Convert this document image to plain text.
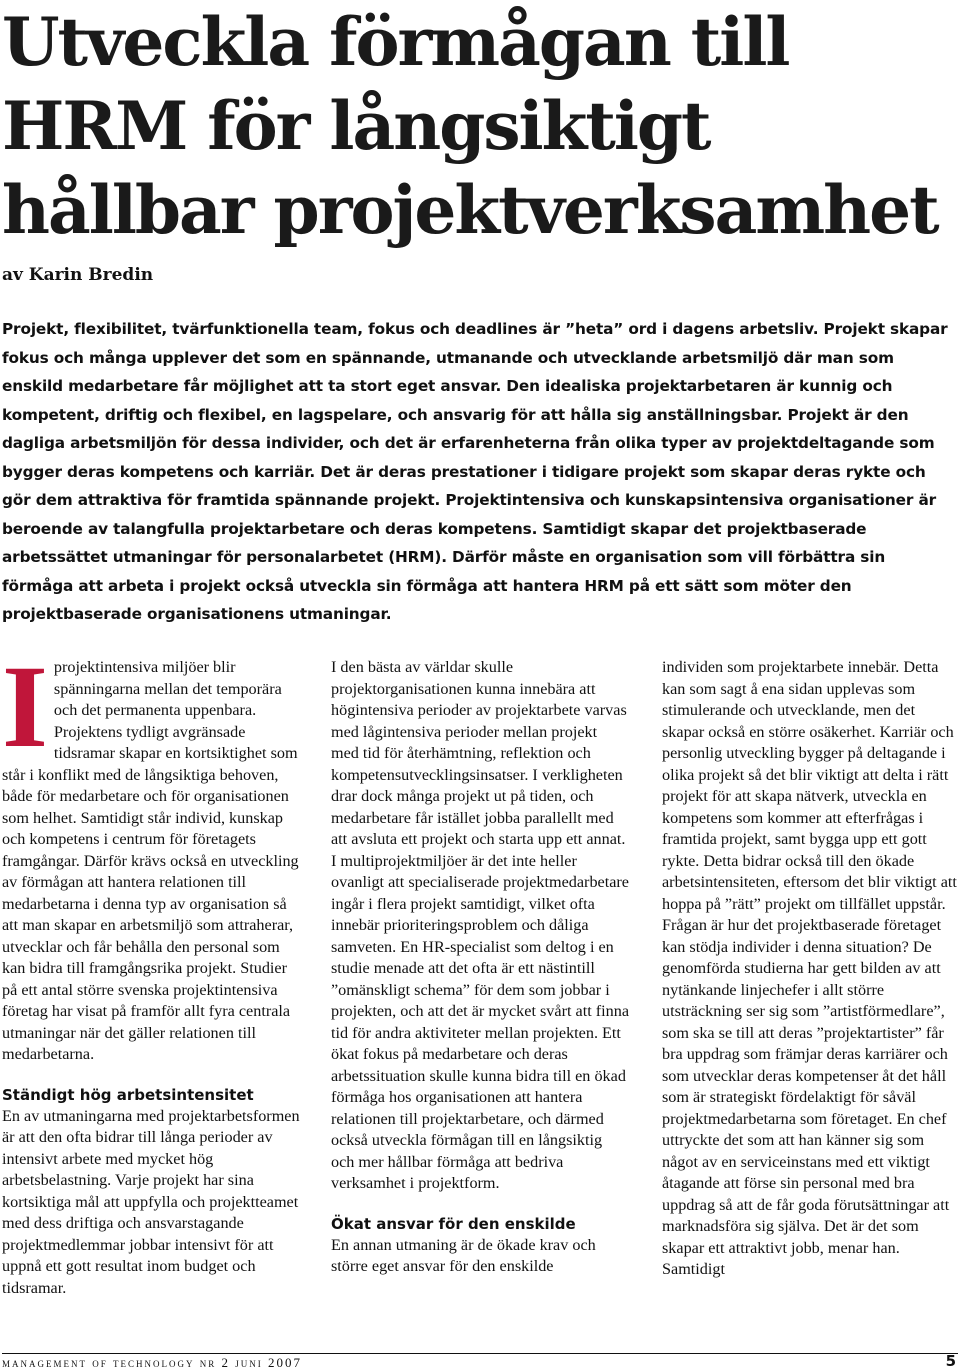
Utveckla förmågan till HRM för långsiktigt hållbar projektverksamhet
av Karin Bredin

Projekt, flexibilitet, tvärfunktionella team, fokus och deadlines är ”heta” ord i dagens arbetsliv. Projekt skapar fokus och många upplever det som en spännande, utmanande och utvecklande arbetsmiljö där man som enskild medarbetare får möjlighet att ta stort eget ansvar. Den idealiska projektarbetaren är kunnig och kompetent, driftig och flexibel, en lagspelare, och ansvarig för att hålla sig anställningsbar. Projekt är den dagliga arbetsmiljön för dessa individer, och det är erfarenheterna från olika typer av projektdeltagande som bygger deras kompetens och karriär. Det är deras prestationer i tidigare projekt som skapar deras rykte och gör dem attraktiva för framtida spännande projekt. Projektintensiva och kunskapsintensiva organisationer är beroende av talangfulla projektarbetare och deras kompetens. Samtidigt skapar det projektbaserade arbetssättet utmaningar för personalarbetet (HRM). Därför måste en organisation som vill förbättra sin förmåga att arbeta i projekt också utveckla sin förmåga att hantera HRM på ett sätt som möter den projektbaserade organisationens utmaningar.

I projektintensiva miljöer blir spänningarna mellan det temporära och det permanenta uppenbara. Projektens tydligt avgränsade tidsramar skapar en kortsiktighet som står i konflikt med de långsiktiga behoven, både för medarbetare och för organisationen som helhet. Samtidigt står individ, kunskap och kompetens i centrum för företagets framgångar. Därför krävs också en utveckling av förmågan att hantera relationen till medarbetarna i denna typ av organisation så att man skapar en arbetsmiljö som attraherar, utvecklar och får behålla den personal som kan bidra till framgångsrika projekt. Studier på ett antal större svenska projektintensiva företag har visat på framför allt fyra centrala utmaningar när det gäller relationen till medarbetarna.

Ständigt hög arbetsintensitet

En av utmaningarna med projektarbetsformen är att den ofta bidrar till långa perioder av intensivt arbete med mycket hög arbetsbelastning. Varje projekt har sina kortsiktiga mål att uppfylla och projektteamet med dess driftiga och ansvarstagande projektmedlemmar jobbar intensivt för att uppnå ett gott resultat inom budget och tidsramar.

I den bästa av världar skulle projektorganisationen kunna innebära att högintensiva perioder av projektarbete varvas med lågintensiva perioder mellan projekt med tid för återhämtning, reflektion och kompetensutvecklingsinsatser. I verkligheten drar dock många projekt ut på tiden, och medarbetare får istället jobba parallellt med att avsluta ett projekt och starta upp ett annat. I multiprojektmiljöer är det inte heller ovanligt att specialiserade projektmedarbetare ingår i flera projekt samtidigt, vilket ofta innebär prioriteringsproblem och dåliga samveten. En HR-specialist som deltog i en studie menade att det ofta är ett nästintill ”omänskligt schema” för dem som jobbar i projekten, och att det är mycket svårt att finna tid för andra aktiviteter mellan projekten. Ett ökat fokus på medarbetare och deras arbetssituation skulle kunna bidra till en ökad förmåga hos organisationen att hantera relationen till projektarbetare, och därmed också utveckla förmågan till en långsiktig och mer hållbar förmåga att bedriva verksamhet i projektform.

Ökat ansvar för den enskilde

En annan utmaning är de ökade krav och större eget ansvar för den enskilde

individen som projektarbete innebär. Detta kan som sagt å ena sidan upplevas som stimulerande och utvecklande, men det skapar också en större osäkerhet. Karriär och personlig utveckling bygger på deltagande i olika projekt så det blir viktigt att delta i rätt projekt för att skapa nätverk, utveckla en kompetens som kommer att efterfrågas i framtida projekt, samt bygga upp ett gott rykte. Detta bidrar också till den ökade arbetsintensiteten, eftersom det blir viktigt att hoppa på ”rätt” projekt om tillfället uppstår. Frågan är hur det projektbaserade företaget kan stödja individer i denna situation? De genomförda studierna har gett bilden av att nytänkande linjechefer i allt större utsträckning ser sig som ”artistförmedlare”, som ska se till att deras ”projektartister” får bra uppdrag som främjar deras karriärer och som utvecklar deras kompetenser åt det håll som är strategiskt fördelaktigt för såväl projektmedarbetarna som företaget. En chef uttryckte det som att han känner sig som något av en serviceinstans med ett viktigt åtagande att förse sin personal med bra uppdrag så att de får goda förutsättningar att marknadsföra sig själva. Det är det som skapar ett attraktivt jobb, menar han. Samtidigt

management of technology nr 2 juni 2007	5
